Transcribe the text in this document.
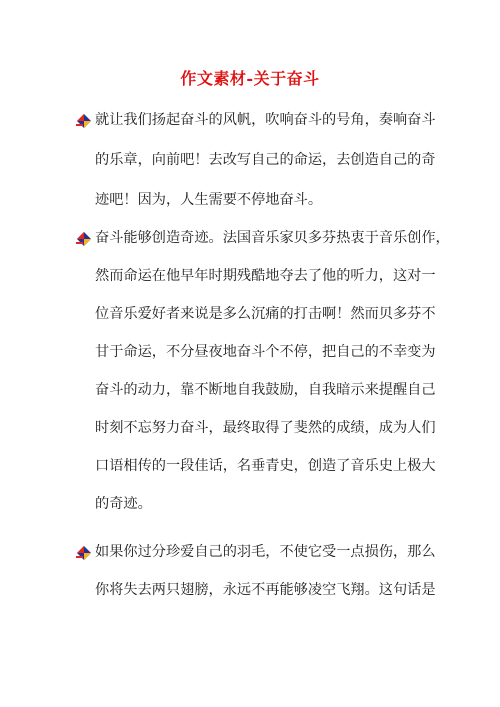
作文素材-关于奋斗
就让我们扬起奋斗的风帆，吹响奋斗的号角，奏响奋斗
的乐章，向前吧！去改写自己的命运，去创造自己的奇
迹吧！因为，人生需要不停地奋斗。
奋斗能够创造奇迹。法国音乐家贝多芬热衷于音乐创作，
然而命运在他早年时期残酷地夺去了他的听力，这对一
位音乐爱好者来说是多么沉痛的打击啊！然而贝多芬不
甘于命运，不分昼夜地奋斗个不停，把自己的不幸变为
奋斗的动力，靠不断地自我鼓励，自我暗示来提醒自己
时刻不忘努力奋斗，最终取得了斐然的成绩，成为人们
口语相传的一段佳话，名垂青史，创造了音乐史上极大
的奇迹。
如果你过分珍爱自己的羽毛，不使它受一点损伤，那么
你将失去两只翅膀，永远不再能够凌空飞翔。这句话是
